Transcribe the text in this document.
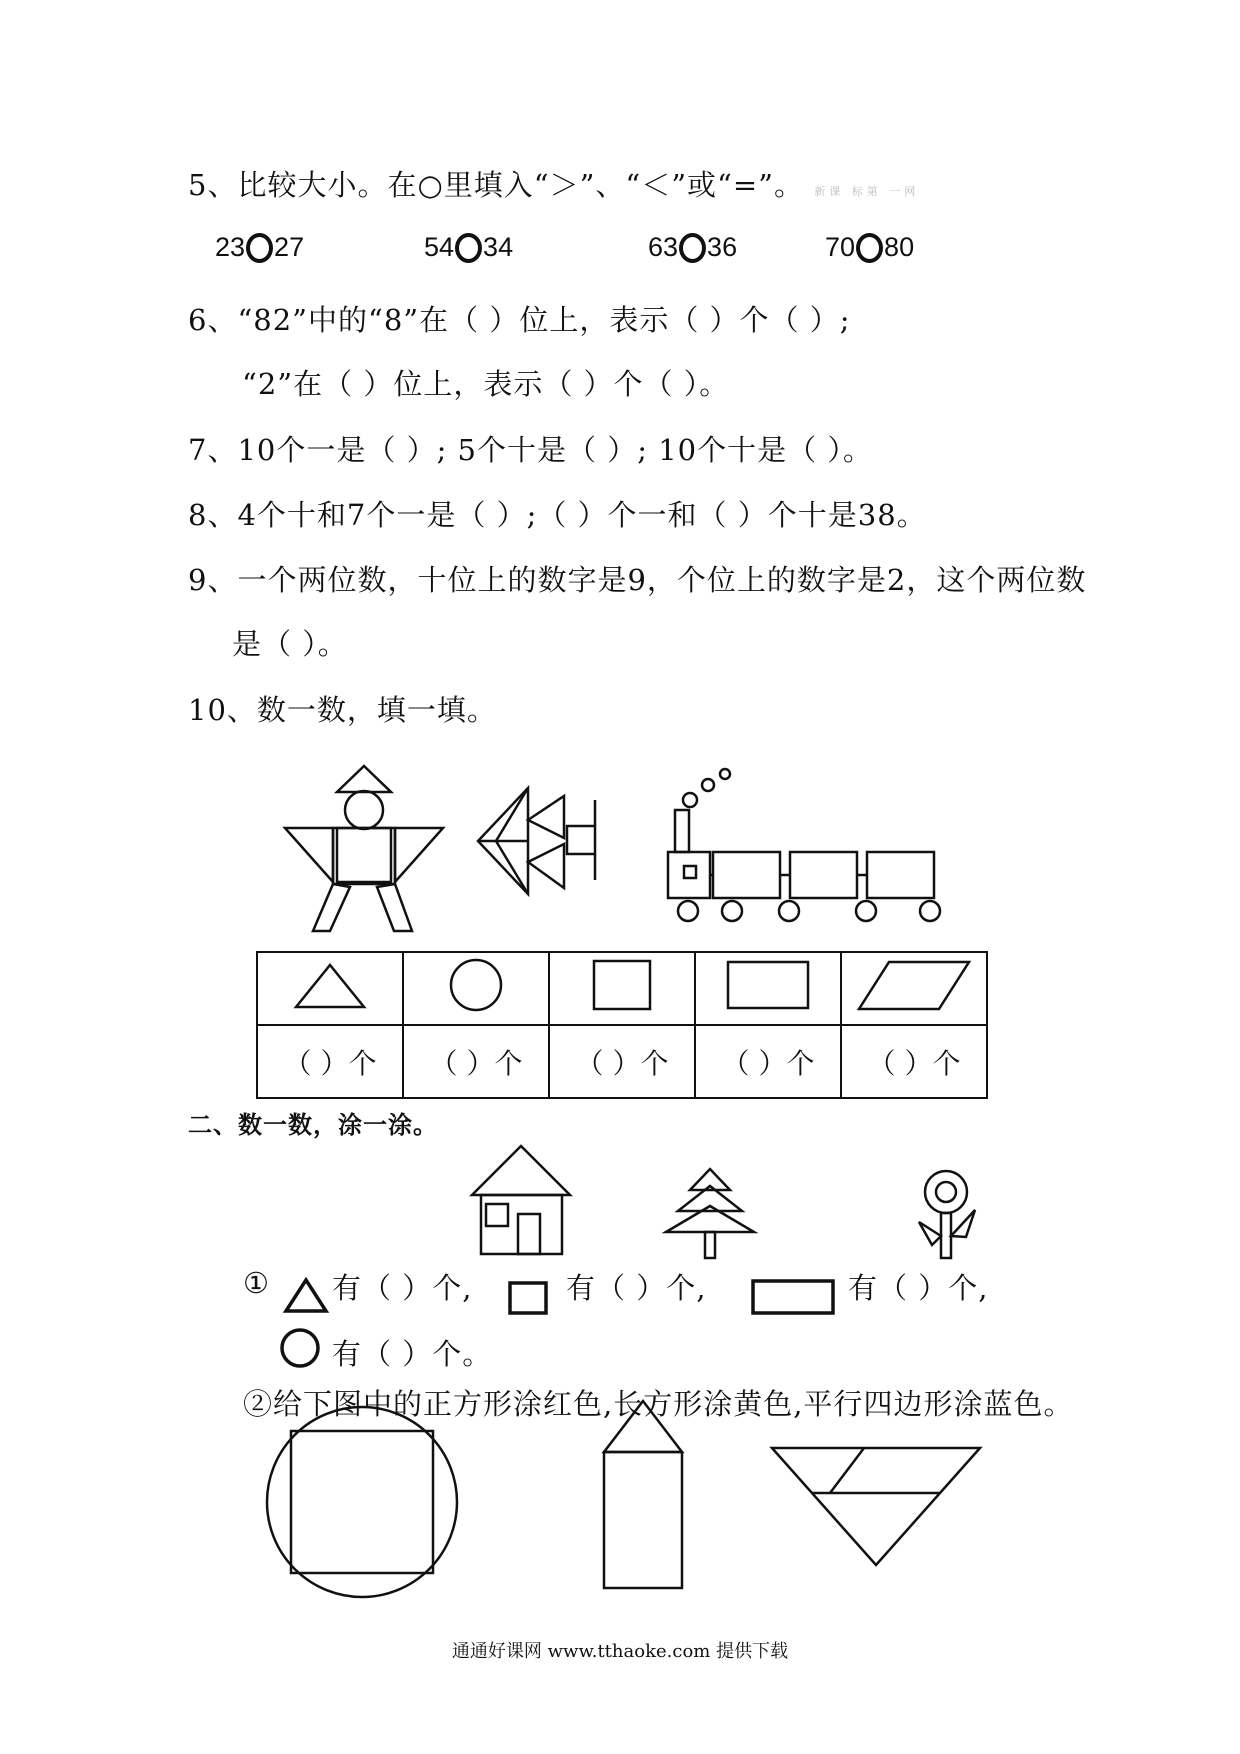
5、比较大小。在○里填入“＞”、“＜”或“=”。 新课 标第 一网
23 27	54 34	63 36	70 80
6、“82”中的“8”在（ ）位上，表示（ ）个（ ）;
“2”在（ ）位上，表示（ ）个（ ）。
7、10个一是（ ）; 5个十是（ ）; 10个十是（ ）。
8、4个十和7个一是（ ）;（ ）个一和（ ）个十是38。
9、一个两位数，十位上的数字是9，个位上的数字是2，这个两位数
是（ ）。
10、数一数，填一填。

（ ）个	（ ）个	（ ）个	（ ）个	（ ）个
二、数一数，涂一涂。
① 有（ ）个,	有（ ）个,	有（ ）个,
有（ ）个。
②给下图中的正方形涂红色,长方形涂黄色,平行四边形涂蓝色。
通通好课网 www.tthaoke.com 提供下载
